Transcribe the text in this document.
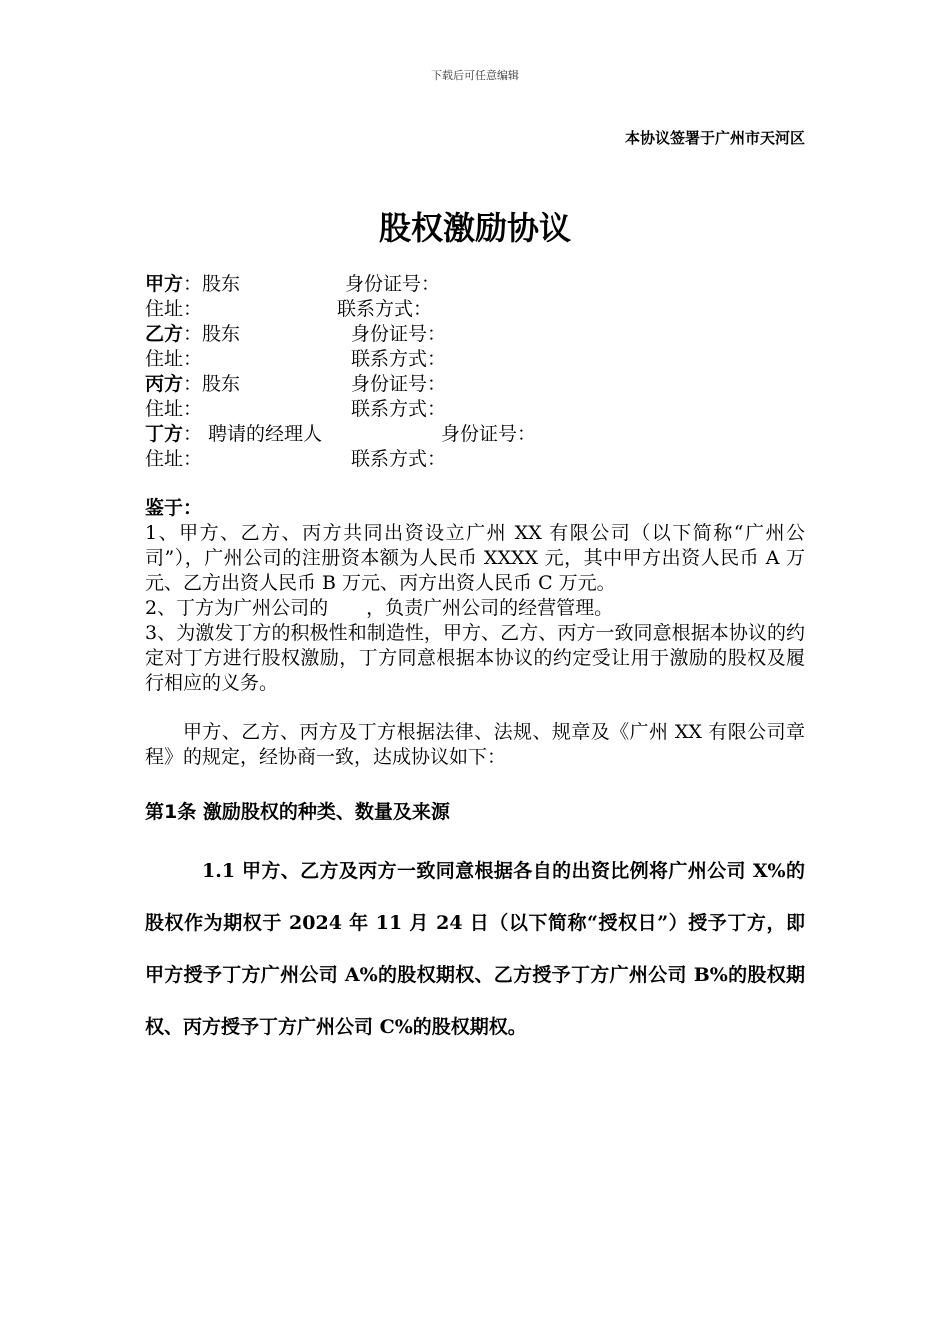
下载后可任意编辑
本协议签署于广州市天河区
股权激励协议
甲方：股东	身份证号：
住址：	联系方式：
乙方：股东	身份证号：
住址：	联系方式：
丙方：股东	身份证号：
住址：	联系方式：
丁方： 聘请的经理人	身份证号：
住址：	联系方式：
鉴于：

1、甲方、乙方、丙方共同出资设立广州 XX 有限公司（以下简称“广州公司”），广州公司的注册资本额为人民币 XXXX 元，其中甲方出资人民币 A 万元、乙方出资人民币 B 万元、丙方出资人民币 C 万元。

2、丁方为广州公司的　　，负责广州公司的经营管理。

3、为激发丁方的积极性和制造性，甲方、乙方、丙方一致同意根据本协议的约定对丁方进行股权激励，丁方同意根据本协议的约定受让用于激励的股权及履行相应的义务。

甲方、乙方、丙方及丁方根据法律、法规、规章及《广州 XX 有限公司章程》的规定，经协商一致，达成协议如下：

第1条 激励股权的种类、数量及来源

1.1 甲方、乙方及丙方一致同意根据各自的出资比例将广州公司 X%的股权作为期权于 2024 年 11 月 24 日（以下简称“授权日”）授予丁方，即甲方授予丁方广州公司 A%的股权期权、乙方授予丁方广州公司 B%的股权期权、丙方授予丁方广州公司 C%的股权期权。
